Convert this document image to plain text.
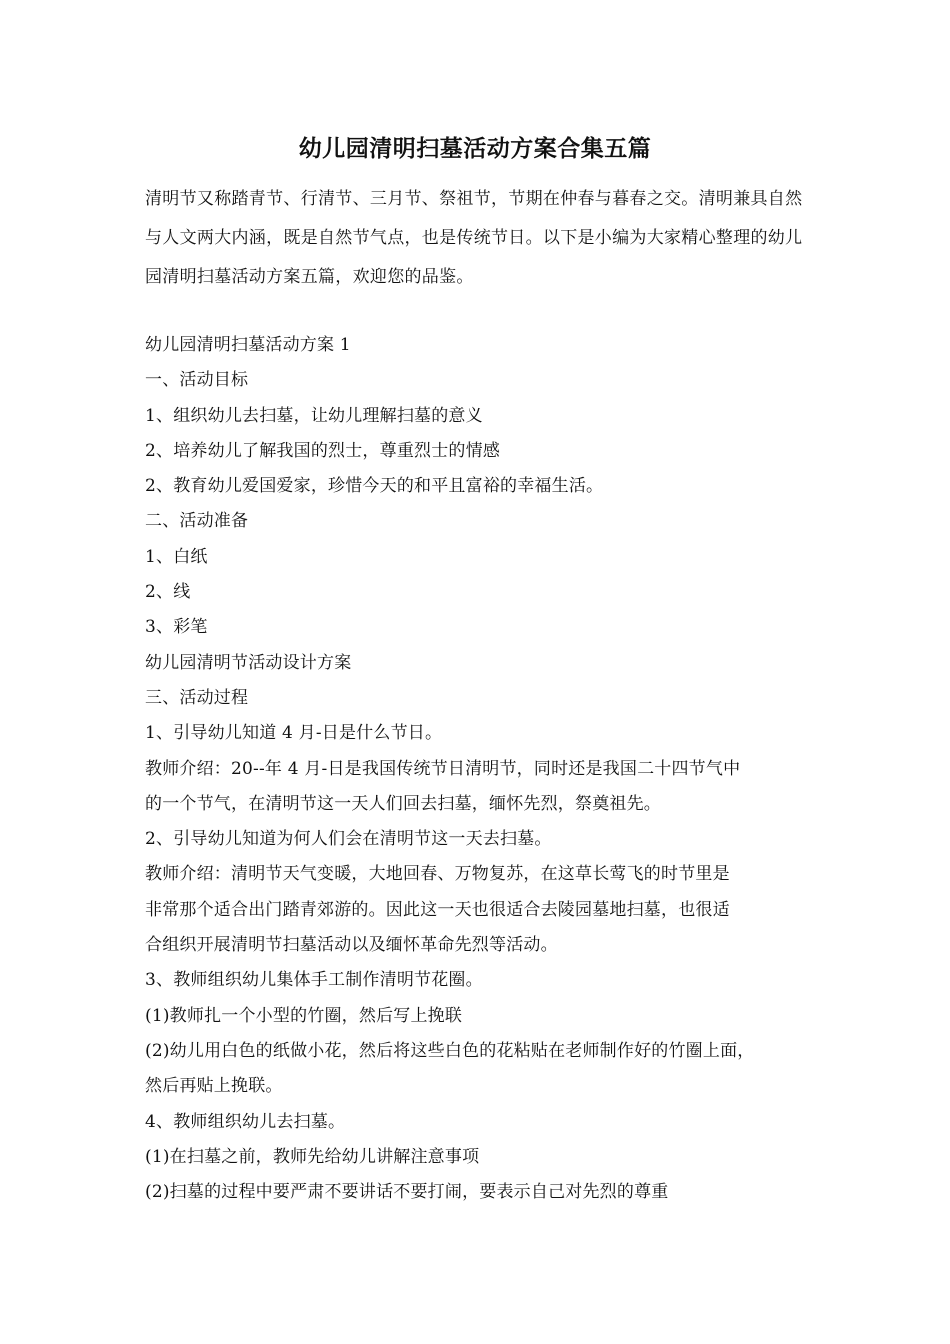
幼儿园清明扫墓活动方案合集五篇

清明节又称踏青节、行清节、三月节、祭祖节，节期在仲春与暮春之交。清明兼具自然与人文两大内涵，既是自然节气点，也是传统节日。以下是小编为大家精心整理的幼儿园清明扫墓活动方案五篇，欢迎您的品鉴。

幼儿园清明扫墓活动方案 1
一、活动目标
1、组织幼儿去扫墓，让幼儿理解扫墓的意义
2、培养幼儿了解我国的烈士，尊重烈士的情感
2、教育幼儿爱国爱家，珍惜今天的和平且富裕的幸福生活。
二、活动准备
1、白纸
2、线
3、彩笔
幼儿园清明节活动设计方案
三、活动过程
1、引导幼儿知道 4 月-日是什么节日。
教师介绍：20--年 4 月-日是我国传统节日清明节，同时还是我国二十四节气中
的一个节气，在清明节这一天人们回去扫墓，缅怀先烈，祭奠祖先。
2、引导幼儿知道为何人们会在清明节这一天去扫墓。
教师介绍：清明节天气变暖，大地回春、万物复苏，在这草长莺飞的时节里是
非常那个适合出门踏青郊游的。因此这一天也很适合去陵园墓地扫墓，也很适
合组织开展清明节扫墓活动以及缅怀革命先烈等活动。
3、教师组织幼儿集体手工制作清明节花圈。
(1)教师扎一个小型的竹圈，然后写上挽联
(2)幼儿用白色的纸做小花，然后将这些白色的花粘贴在老师制作好的竹圈上面，
然后再贴上挽联。
4、教师组织幼儿去扫墓。
(1)在扫墓之前，教师先给幼儿讲解注意事项
(2)扫墓的过程中要严肃不要讲话不要打闹，要表示自己对先烈的尊重
